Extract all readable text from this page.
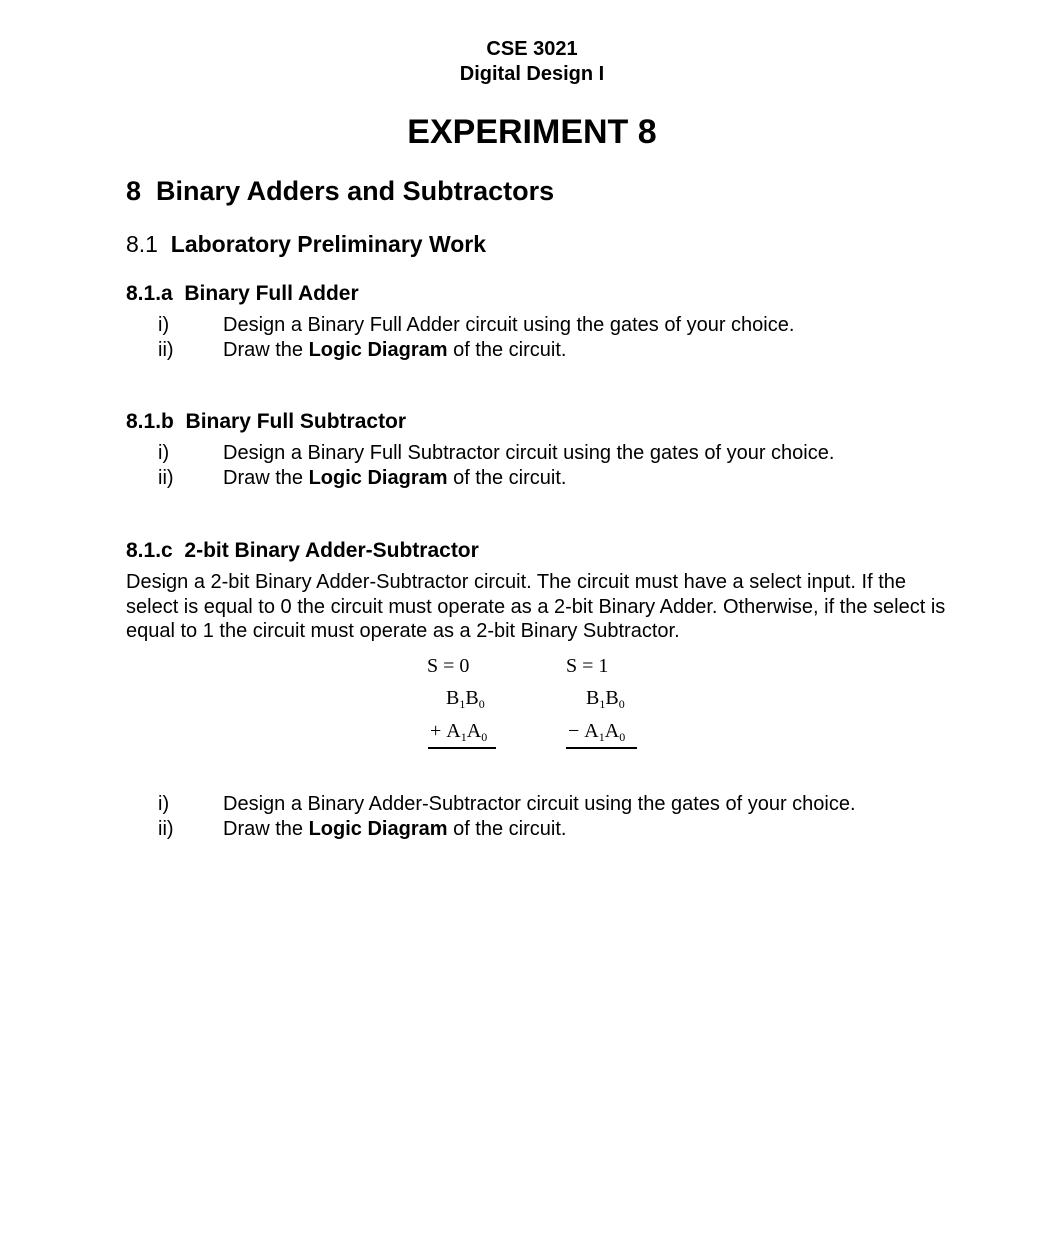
CSE 3021
Digital Design I
EXPERIMENT 8
8 Binary Adders and Subtractors
8.1 Laboratory Preliminary Work
8.1.a Binary Full Adder
i)	Design a Binary Full Adder circuit using the gates of your choice.
ii) Draw the Logic Diagram of the circuit.
8.1.b Binary Full Subtractor
i)	Design a Binary Full Subtractor circuit using the gates of your choice.
ii) Draw the Logic Diagram of the circuit.
8.1.c 2-bit Binary Adder-Subtractor
Design a 2-bit Binary Adder-Subtractor circuit. The circuit must have a select input. If the select is equal to 0 the circuit must operate as a 2-bit Binary Adder. Otherwise, if the select is equal to 1 the circuit must operate as a 2-bit Binary Subtractor.
S = 0	S = 1
$B_1B_0$	$B_1B_0$
+ $A_1A_0$	− $A_1A_0$
i)	Design a Binary Adder-Subtractor circuit using the gates of your choice.
ii) Draw the Logic Diagram of the circuit.
